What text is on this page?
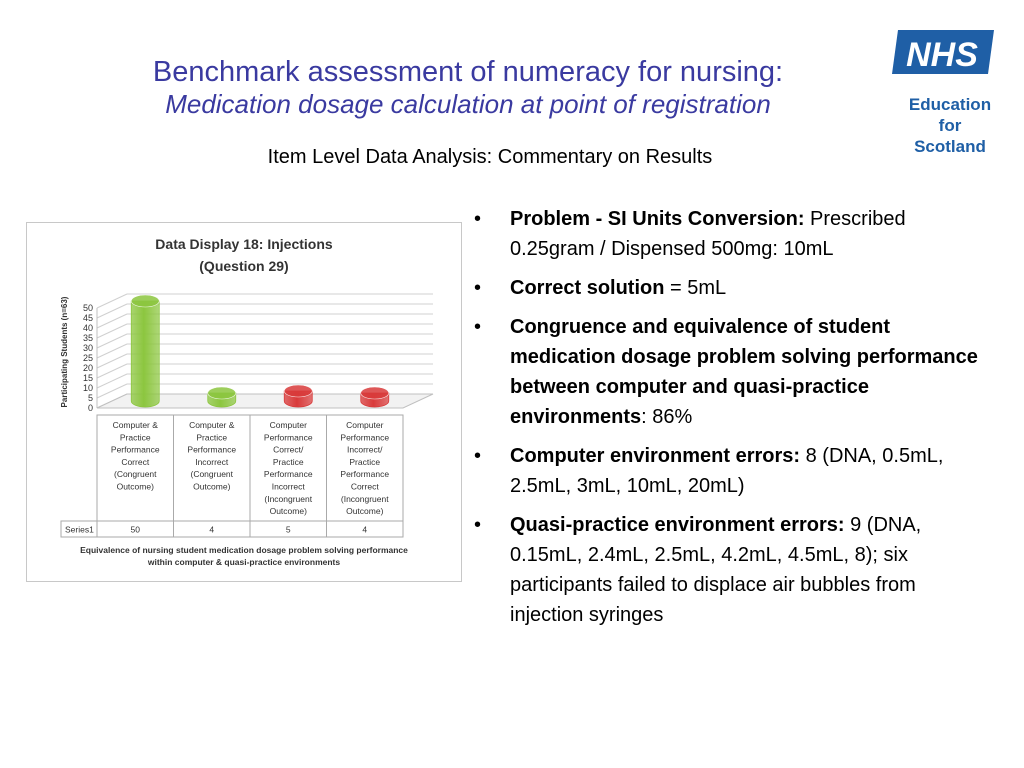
Benchmark assessment of numeracy for nursing:
Medication dosage calculation at point of registration
Item Level Data Analysis: Commentary on Results
NHS
Education
for
Scotland
Data Display 18: Injections
(Question 29)
0
5
10
15
20
25
30
35
40
45
50
Participating Students (n=63)
Computer &
Practice
Performance
Correct
(Congruent
Outcome)
Computer &
Practice
Performance
Incorrect
(Congruent
Outcome)
Computer
Performance
Correct/
Practice
Performance
Incorrect
(Incongruent
Outcome)
Computer
Performance
Incorrect/
Practice
Performance
Correct
(Incongruent
Outcome)
Series1	50	4	5	4
Equivalence of nursing student medication dosage problem solving performance
within computer & quasi-practice environments
• Problem - SI Units Conversion: Prescribed 0.25gram / Dispensed 500mg: 10mL
• Correct solution = 5mL
• Congruence and equivalence of student medication dosage problem solving performance between computer and quasi-practice environments: 86%
• Computer environment errors: 8 (DNA, 0.5mL, 2.5mL, 3mL, 10mL, 20mL)
• Quasi-practice environment errors: 9 (DNA, 0.15mL, 2.4mL, 2.5mL, 4.2mL, 4.5mL, 8); six participants failed to displace air bubbles from injection syringes
